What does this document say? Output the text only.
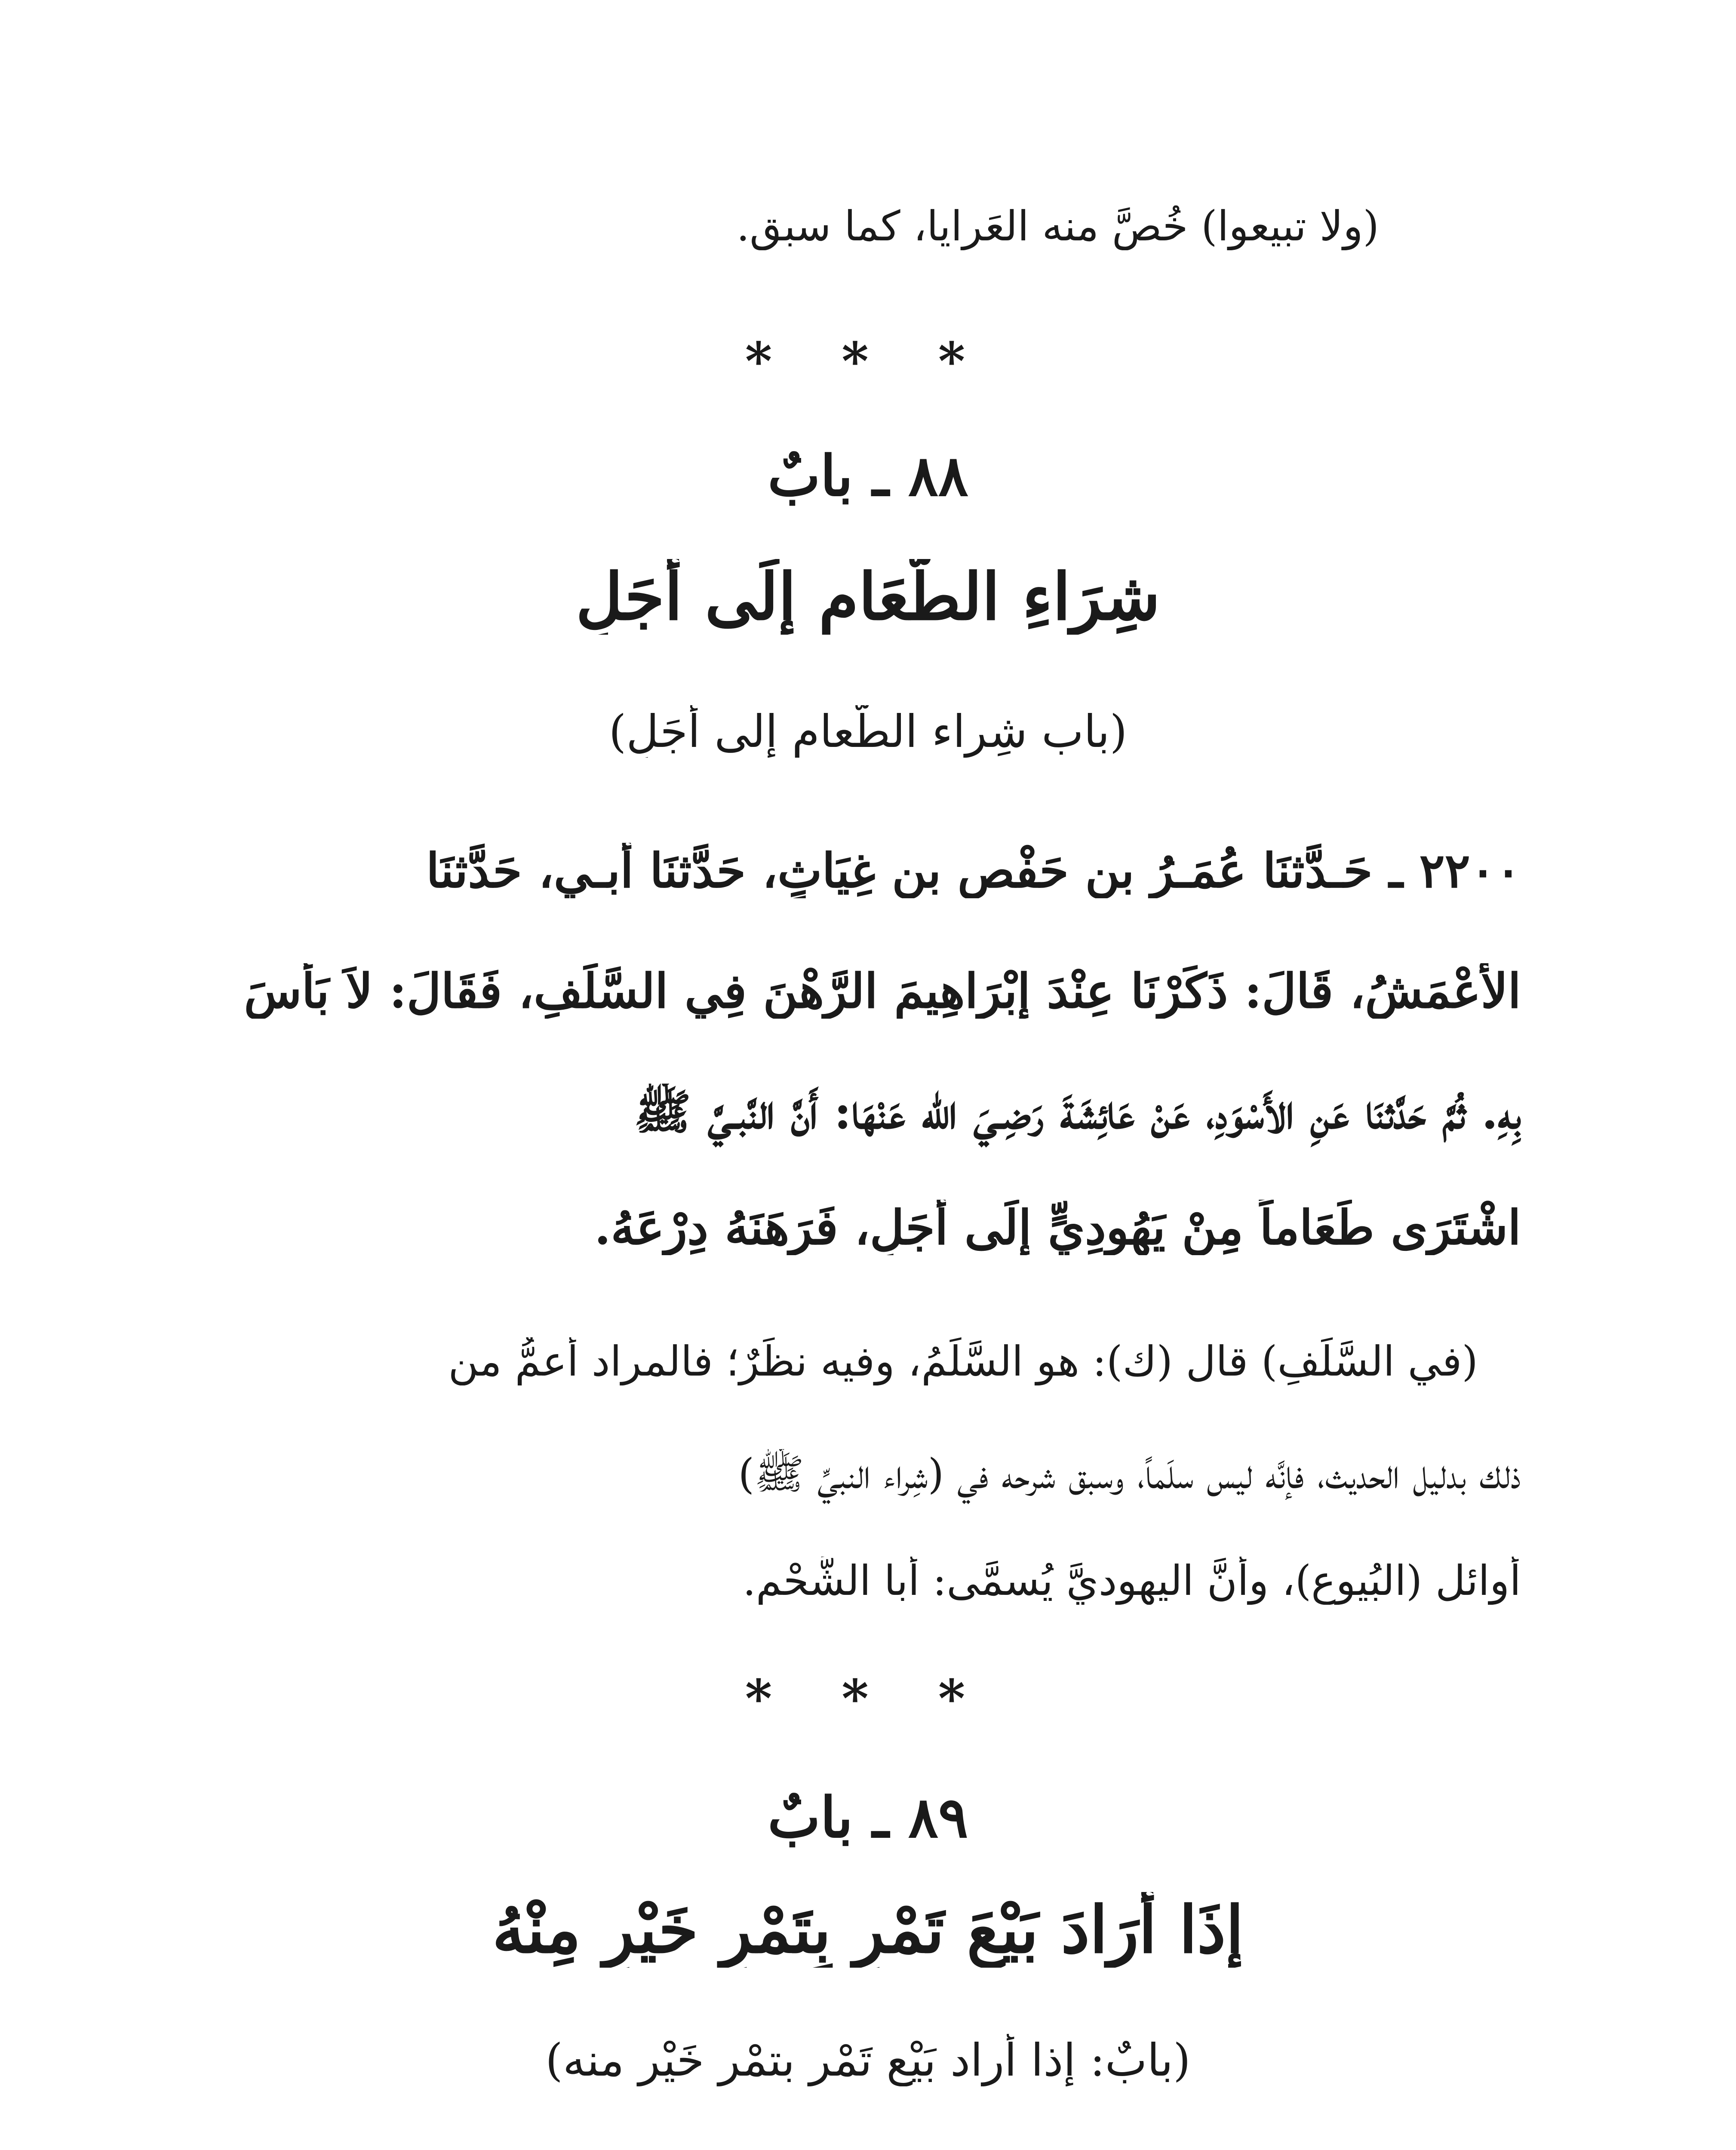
(ولا تبيعوا) خُصَّ منه العَرايا، كما سبق.
* * *
٨٨ ـ بابٌ
شِرَاءِ الطَّعَامِ إِلَى أَجَلٍ
(باب شِراء الطَّعام إلى أَجَلٍ)
٢٢٠٠ ـ حَـدَّثنَا عُمَـرُ بن حَفْصِ بن غِيَاثٍ، حَدَّثنَا أَبـي، حَدَّثنَا
الأَعْمَشُ، قَالَ: ذَكَرْنَا عِنْدَ إِبْرَاهِيمَ الرَّهْنَ فِي السَّلَفِ، فَقَالَ: لاَ بَأْسَ
بِهِ. ثُمَّ حَدَّثنَا عَنِ الأَسْوَدِ، عَنْ عَائِشَةَ رَضِـيَ الله عَنْهَا: أَنَّ النَّبـيَّ ﷺ
اشْتَرَى طَعَاماً مِنْ يَهُودِيٍّ إِلَى أَجَلٍ، فَرَهَنَهُ دِرْعَهُ.
(في السَّلَفِ) قال (ك): هو السَّلَمُ، وفيه نظَرٌ؛ فالمراد أعمُّ من
ذلك بدليل الحديث، فإنَّه ليس سلَماً، وسبق شرحه في (شِراء النبيِّ ﷺ)
أوائل (البُيوع)، وأنَّ اليهوديَّ يُسمَّى: أبا الشَّحْم.
* * *
٨٩ ـ بابٌ
إِذَا أَرَادَ بَيْعَ تَمْرٍ بِتَمْرٍ خَيْرٍ مِنْهُ
(بابٌ: إذا أَراد بَيْع تَمْرٍ بتمْرٍ خَيْرٍ منه)
